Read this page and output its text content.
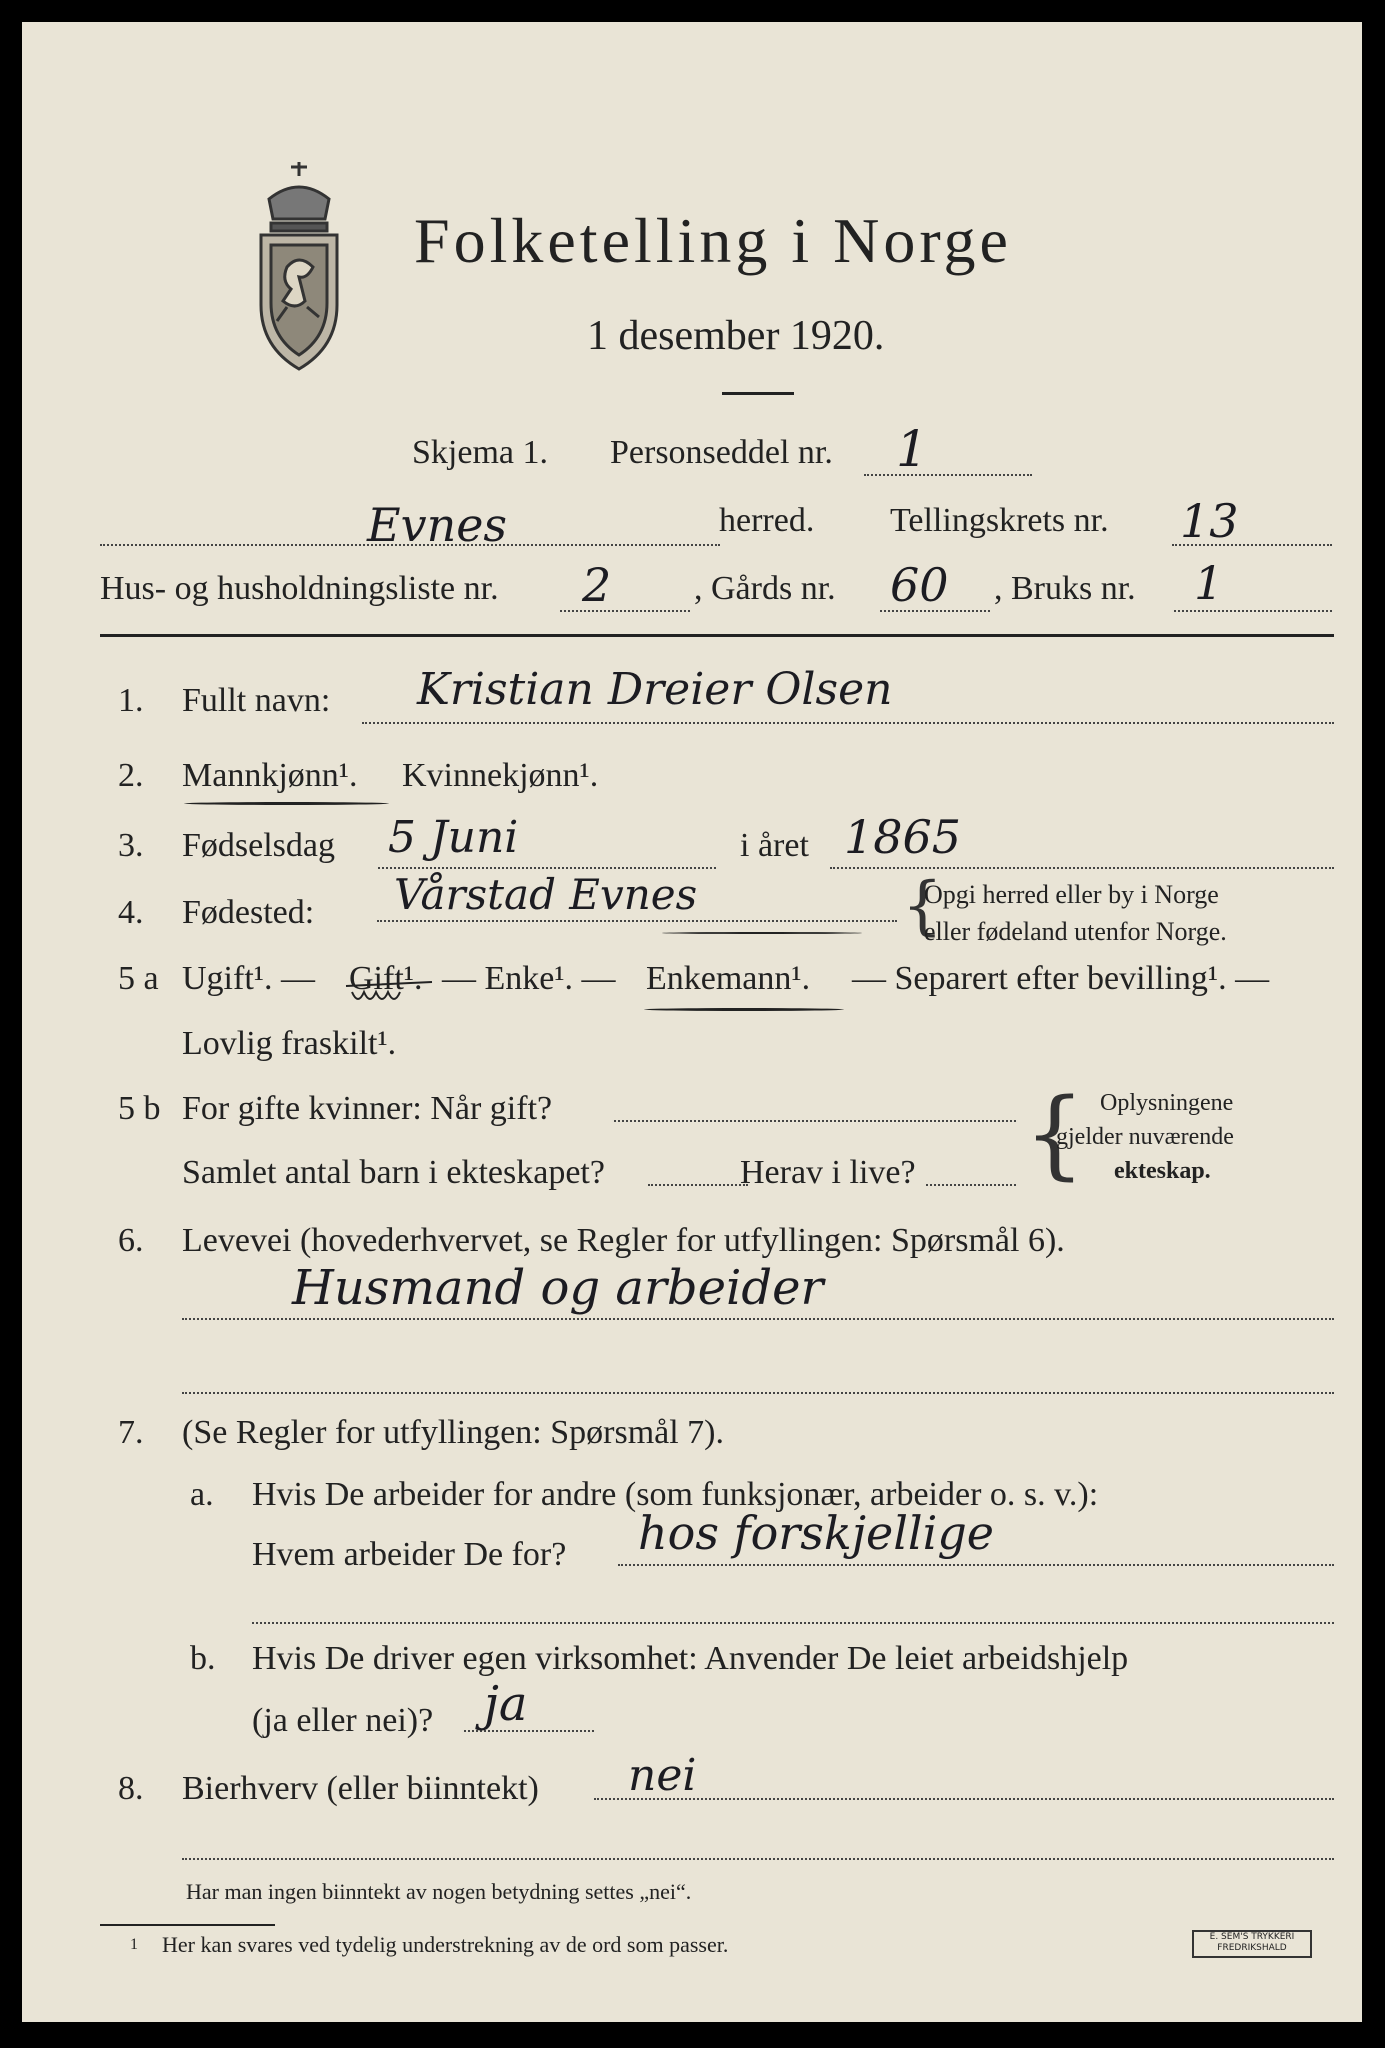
Folketelling i Norge
1 desember 1920.
Skjema 1. Personseddel nr. 1
Evnes	herred. Tellingskrets nr. 13
Hus- og husholdningsliste nr. 2 , Gårds nr. 60 , Bruks nr. 1
1. Fullt navn: Kristian Dreier Olsen
2. Mannkjønn¹. Kvinnekjønn¹.
3. Fødselsdag 5 Juni	i året 1865
4. Fødested: Vårstad Evnes	{
Opgi herred eller by i Norge
eller fødeland utenfor Norge.
5 a Ugift¹. — Gift¹. — Enke¹. — Enkemann¹. — Separert efter bevilling¹. —
Lovlig fraskilt¹.
5 b For gifte kvinner: Når gift?
Samlet antal barn i ekteskapet?	Herav i live? { Oplysningene
gjelder nuværende
ekteskap.
6. Levevei (hovederhvervet, se Regler for utfyllingen: Spørsmål 6).
Husmand og arbeider
7. (Se Regler for utfyllingen: Spørsmål 7).
a. Hvis De arbeider for andre (som funksjonær, arbeider o. s. v.):
Hvem arbeider De for? hos forskjellige
b. Hvis De driver egen virksomhet: Anvender De leiet arbeidshjelp
(ja eller nei)? ja
8. Bierhverv (eller biinntekt) nei
Har man ingen biinntekt av nogen betydning settes „nei“.
1 Her kan svares ved tydelig understrekning av de ord som passer.	E. SEM'S TRYKKERI
FREDRIKSHALD
